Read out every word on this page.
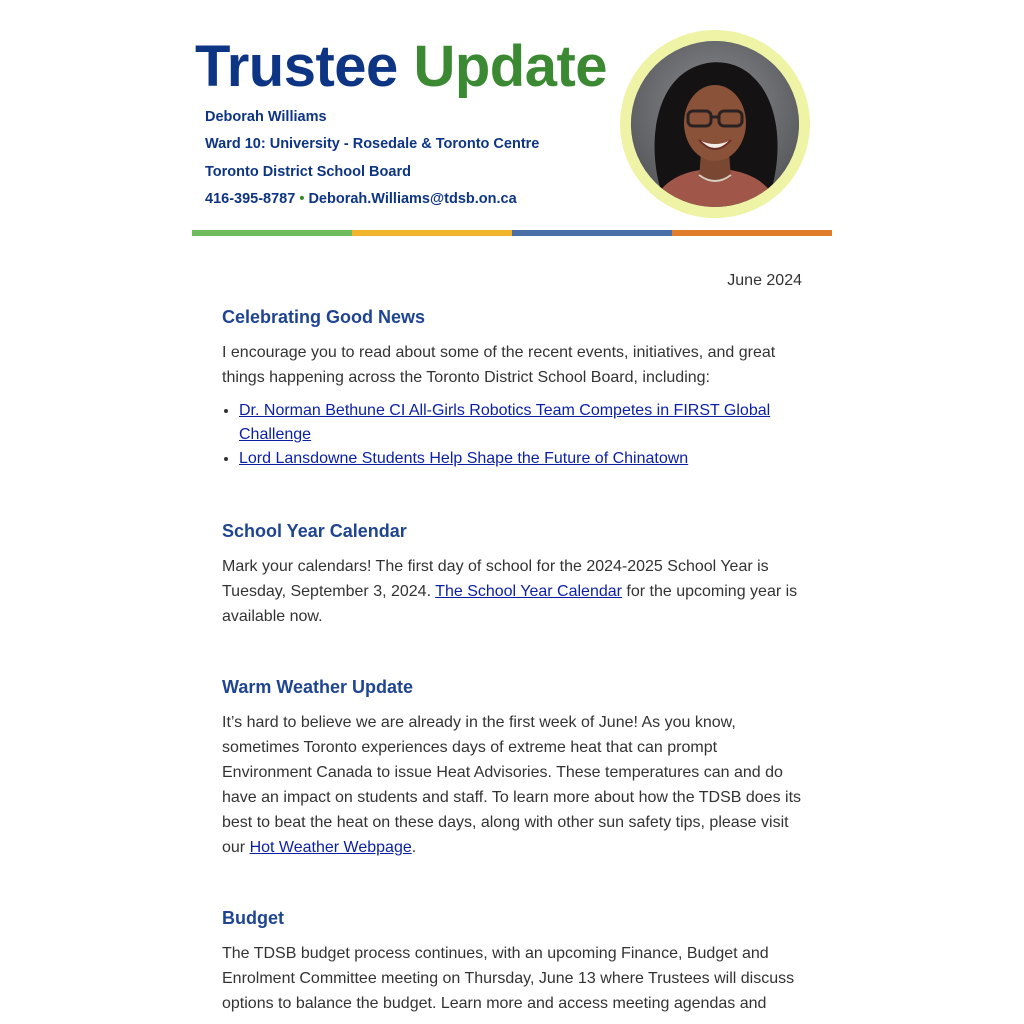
Trustee Update
Deborah Williams
Ward 10: University - Rosedale & Toronto Centre
Toronto District School Board
416-395-8787 • Deborah.Williams@tdsb.on.ca
June 2024
Celebrating Good News

I encourage you to read about some of the recent events, initiatives, and great things happening across the Toronto District School Board, including:

• Dr. Norman Bethune CI All-Girls Robotics Team Competes in FIRST Global Challenge
• Lord Lansdowne Students Help Shape the Future of Chinatown
School Year Calendar

Mark your calendars! The first day of school for the 2024-2025 School Year is Tuesday, September 3, 2024. The School Year Calendar for the upcoming year is available now.

Warm Weather Update

It’s hard to believe we are already in the first week of June! As you know, sometimes Toronto experiences days of extreme heat that can prompt Environment Canada to issue Heat Advisories. These temperatures can and do have an impact on students and staff. To learn more about how the TDSB does its best to beat the heat on these days, along with other sun safety tips, please visit our Hot Weather Webpage.

Budget

The TDSB budget process continues, with an upcoming Finance, Budget and Enrolment Committee meeting on Thursday, June 13 where Trustees will discuss options to balance the budget. Learn more and access meeting agendas and
